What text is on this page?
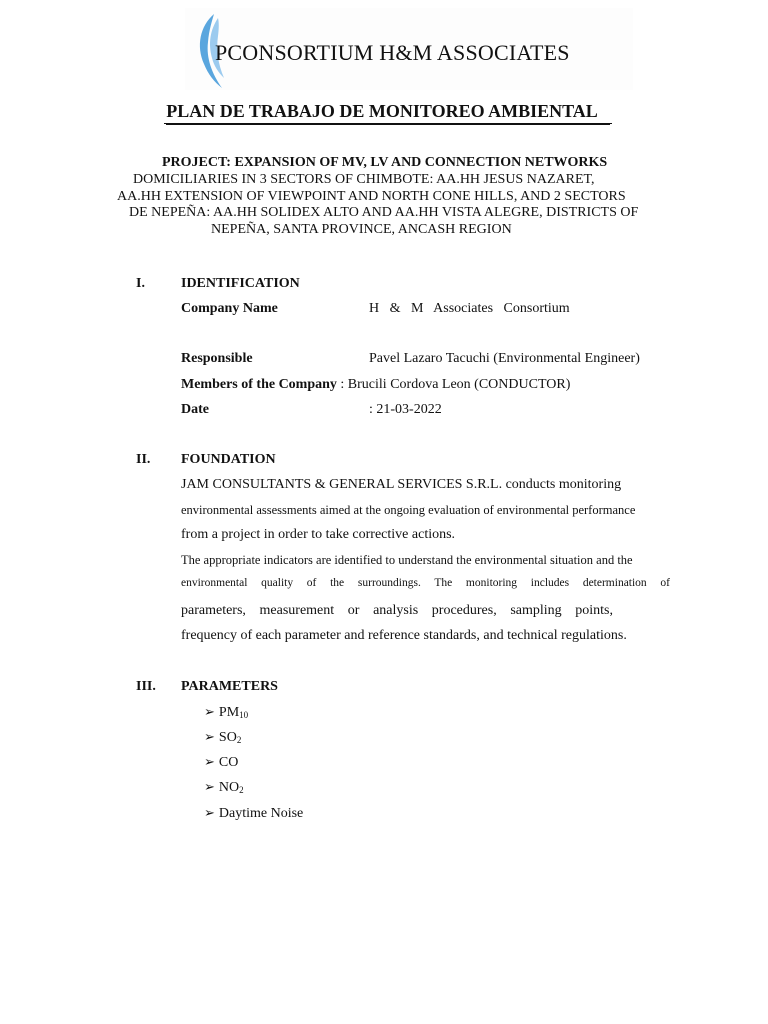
PCONSORTIUM H&M ASSOCIATES
PLAN DE TRABAJO DE MONITOREO AMBIENTAL
PROJECT: EXPANSION OF MV, LV AND CONNECTION NETWORKS
DOMICILIARIES IN 3 SECTORS OF CHIMBOTE: AA.HH JESUS NAZARET,
AA.HH EXTENSION OF VIEWPOINT AND NORTH CONE HILLS, AND 2 SECTORS
DE NEPEÑA: AA.HH SOLIDEX ALTO AND AA.HH VISTA ALEGRE, DISTRICTS OF
NEPEÑA, SANTA PROVINCE, ANCASH REGION
I.	IDENTIFICATION
Company Name	H   &   M   Associates   Consortium
Responsible	Pavel Lazaro Tacuchi (Environmental Engineer)
Members of the Company : Brucili Cordova Leon (CONDUCTOR)
Date	: 21-03-2022
II. FOUNDATION
JAM CONSULTANTS & GENERAL SERVICES S.R.L. conducts monitoring
environmental assessments aimed at the ongoing evaluation of environmental performance
from a project in order to take corrective actions.
The appropriate indicators are identified to understand the environmental situation and the
environmental quality of the surroundings. The monitoring includes determination of
parameters, measurement or analysis procedures, sampling points,
frequency of each parameter and reference standards, and technical regulations.
III. PARAMETERS
➢ $PM_{10}$
➢ $SO_2$
➢ CO
➢ $NO_2$
➢ Daytime Noise
